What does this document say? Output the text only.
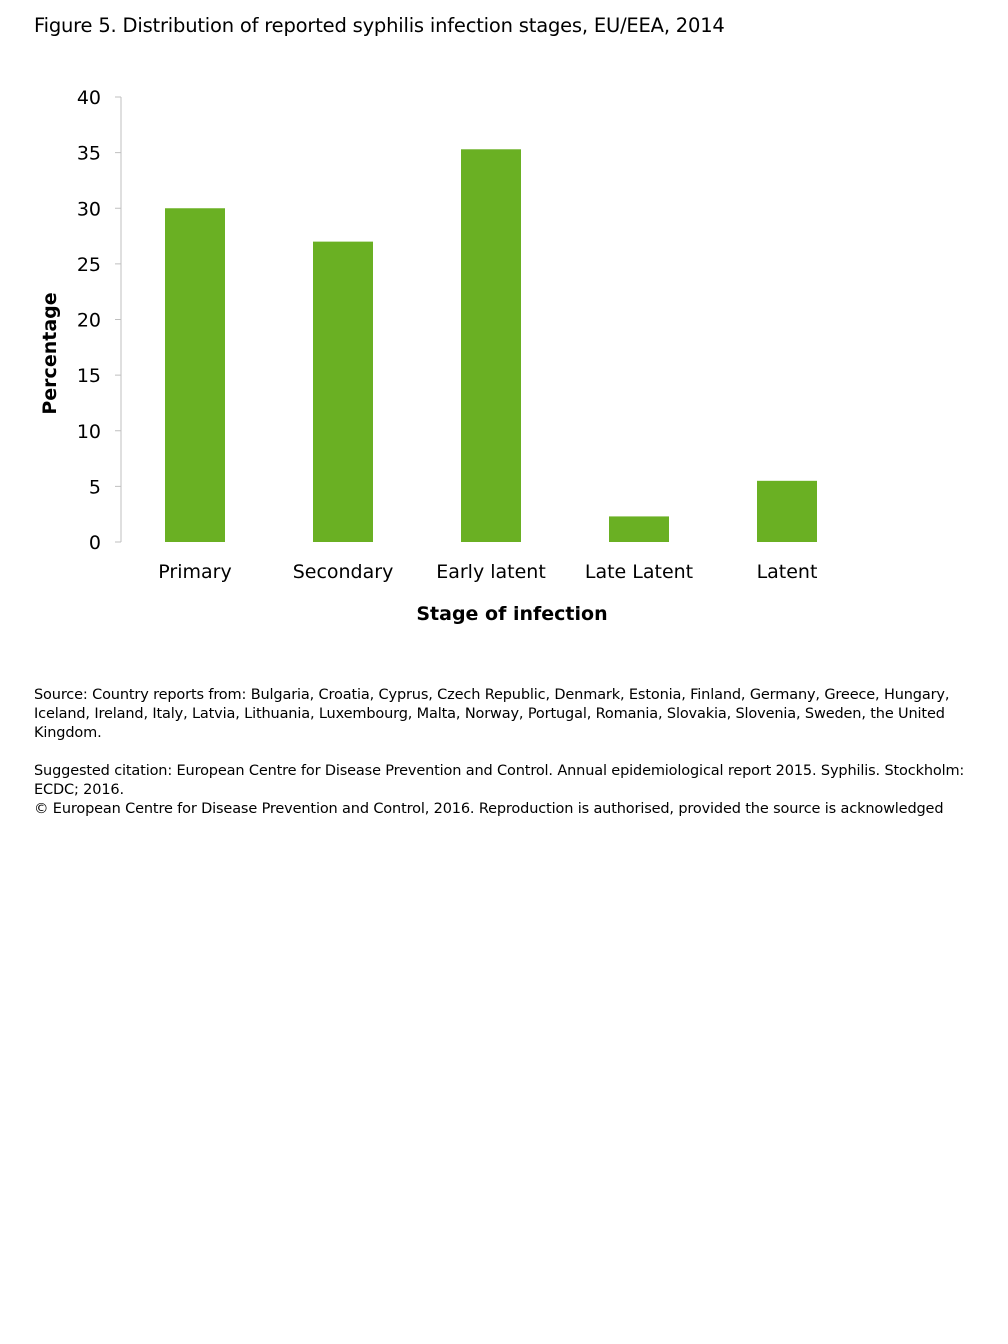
Figure 5. Distribution of reported syphilis infection stages, EU/EEA, 2014
Primary	Secondary Early latent Late Latent	Latent
0
5
10
15
20
25
30
35
40
Percentage
Stage of infection

Source: Country reports from: Bulgaria, Croatia, Cyprus, Czech Republic, Denmark, Estonia, Finland, Germany, Greece, Hungary, Iceland, Ireland, Italy, Latvia, Lithuania, Luxembourg, Malta, Norway, Portugal, Romania, Slovakia, Slovenia, Sweden, the United Kingdom.

Suggested citation: European Centre for Disease Prevention and Control. Annual epidemiological report 2015. Syphilis. Stockholm: ECDC; 2016.

© European Centre for Disease Prevention and Control, 2016. Reproduction is authorised, provided the source is acknowledged
